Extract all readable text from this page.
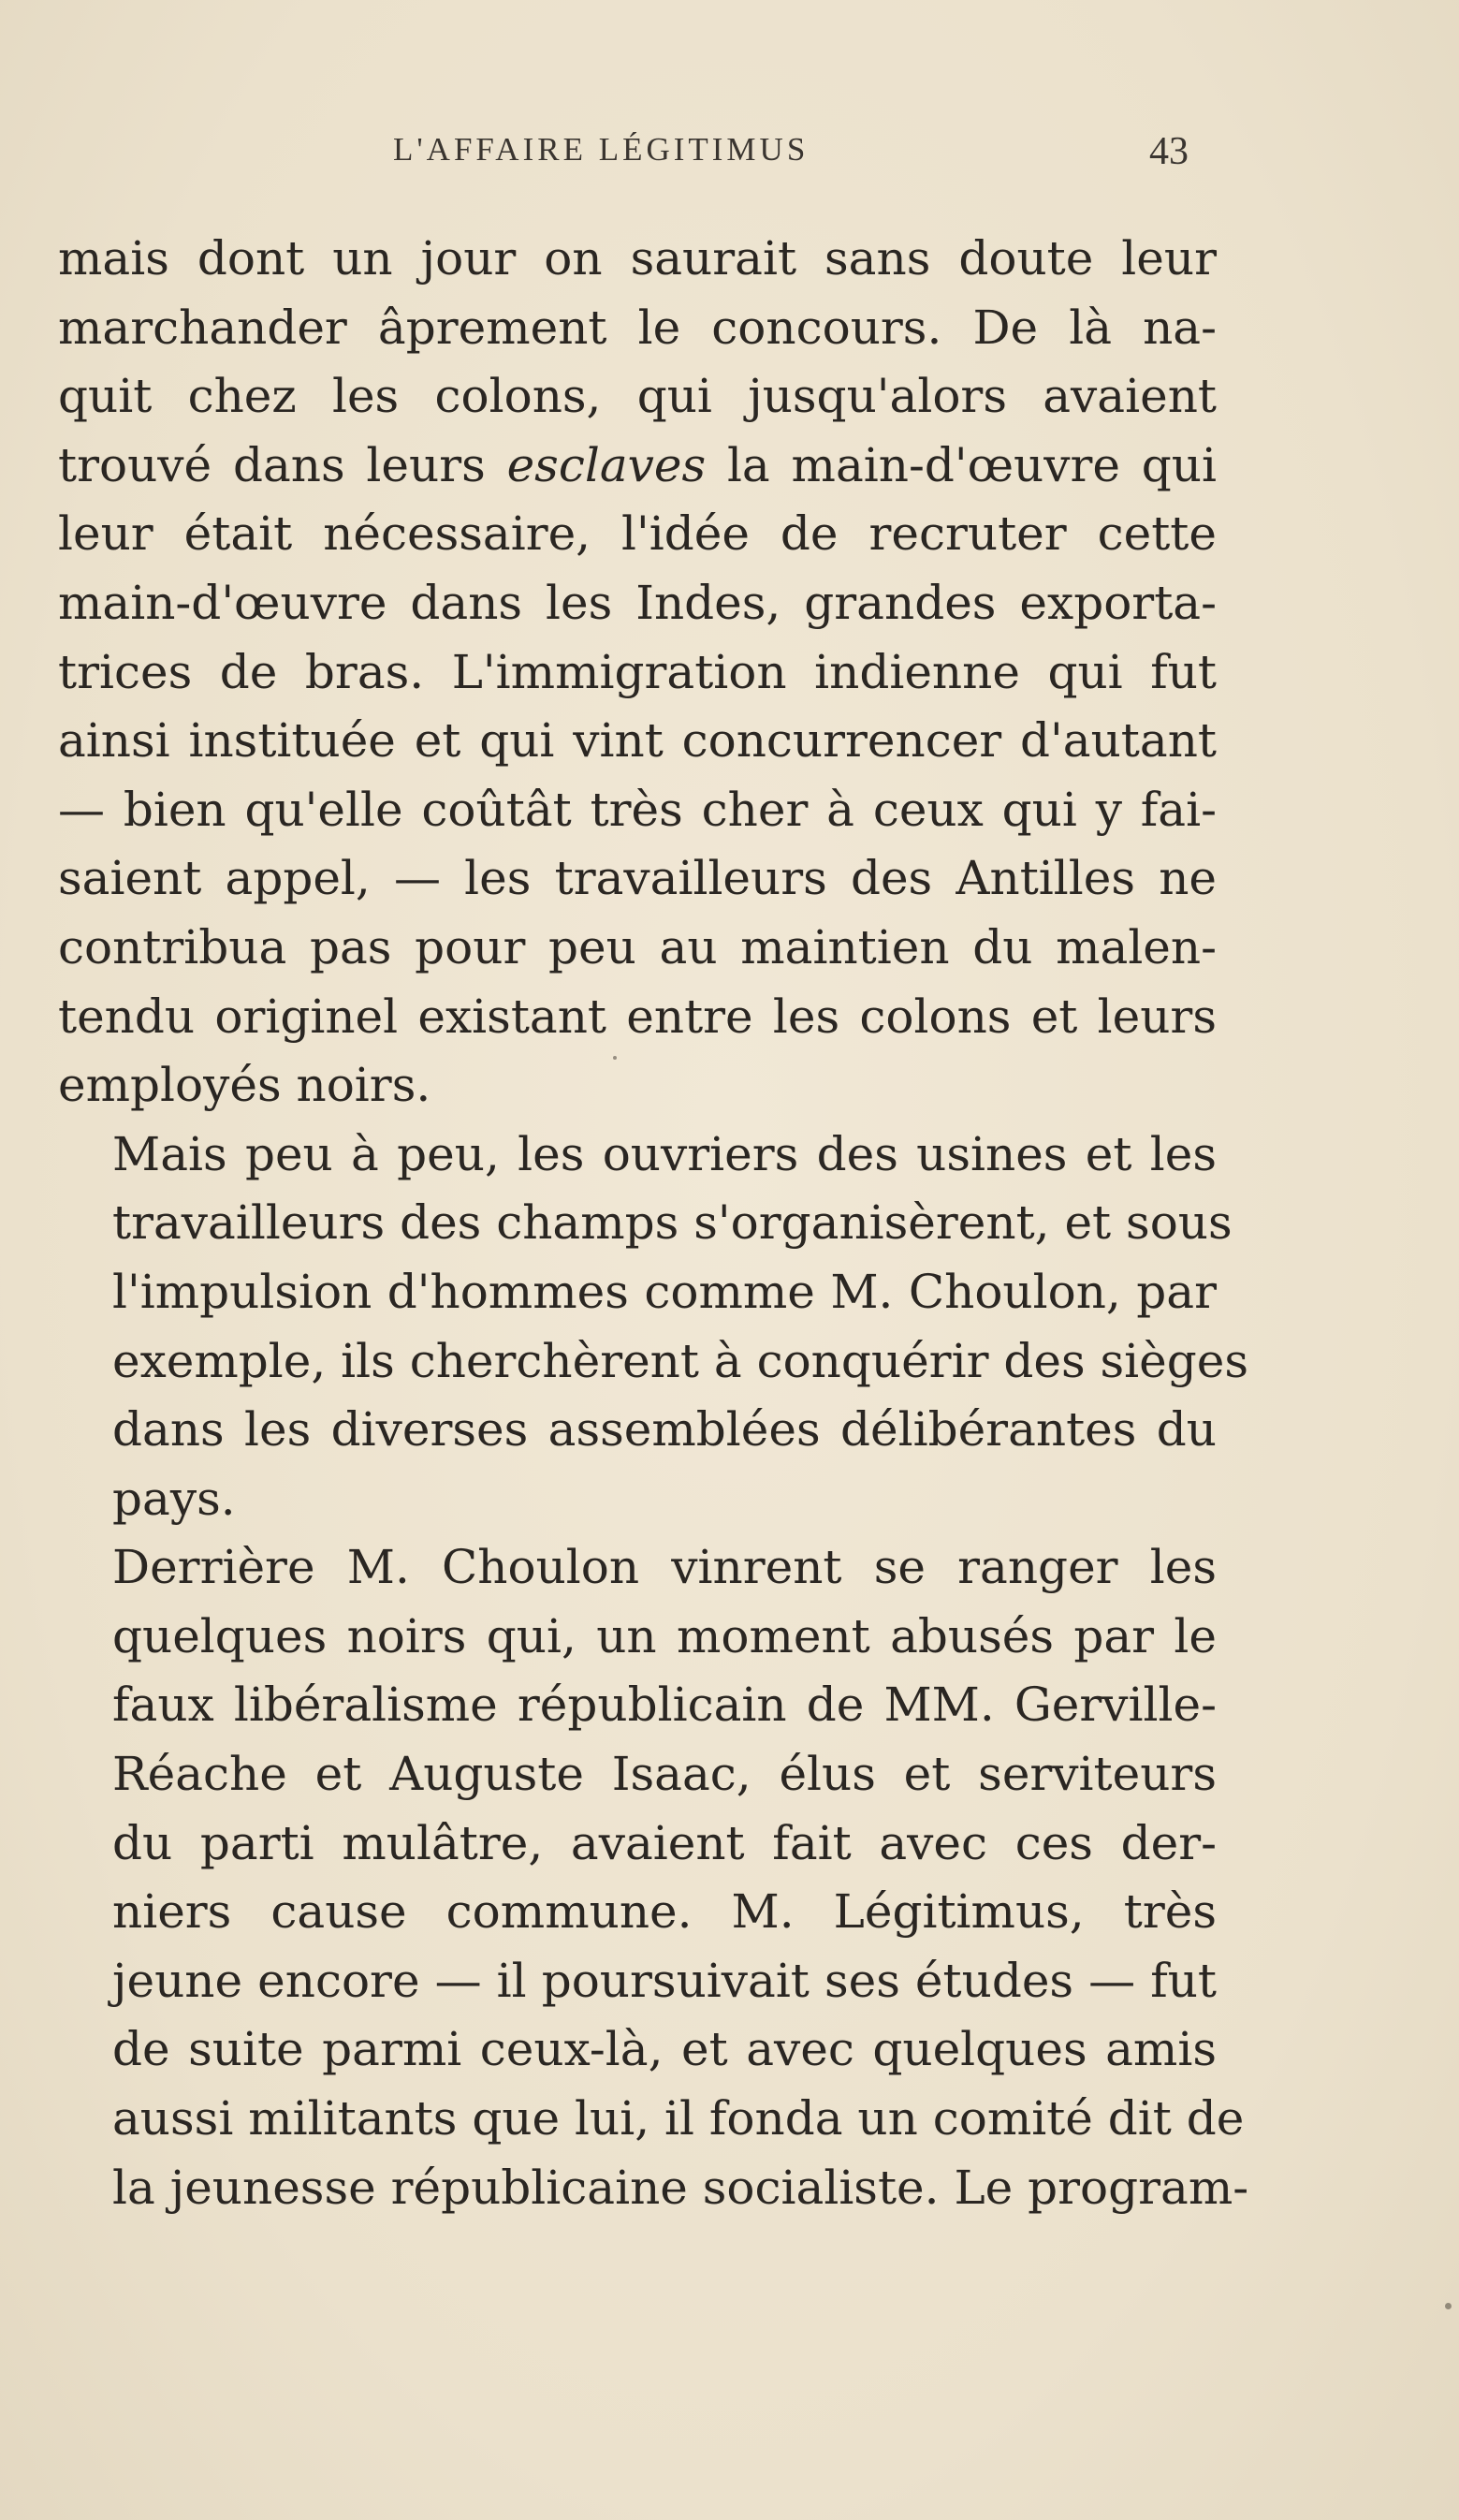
L'AFFAIRE LÉGITIMUS	43
mais dont un jour on saurait sans doute leur
marchander âprement le concours. De là na-
quit chez les colons, qui jusqu'alors avaient
trouvé dans leurs esclaves la main-d'œuvre qui
leur était nécessaire, l'idée de recruter cette
main-d'œuvre dans les Indes, grandes exporta-
trices de bras. L'immigration indienne qui fut
ainsi instituée et qui vint concurrencer d'autant
— bien qu'elle coûtât très cher à ceux qui y fai-
saient appel, — les travailleurs des Antilles ne
contribua pas pour peu au maintien du malen-
tendu originel existant entre les colons et leurs
employés noirs.
Mais peu à peu, les ouvriers des usines et les
travailleurs des champs s'organisèrent, et sous
l'impulsion d'hommes comme M. Choulon, par
exemple, ils cherchèrent à conquérir des sièges
dans les diverses assemblées délibérantes du
pays.
Derrière M. Choulon vinrent se ranger les
quelques noirs qui, un moment abusés par le
faux libéralisme républicain de MM. Gerville-
Réache et Auguste Isaac, élus et serviteurs
du parti mulâtre, avaient fait avec ces der-
niers cause commune. M. Légitimus, très
jeune encore — il poursuivait ses études — fut
de suite parmi ceux-là, et avec quelques amis
aussi militants que lui, il fonda un comité dit de
la jeunesse républicaine socialiste. Le program-
